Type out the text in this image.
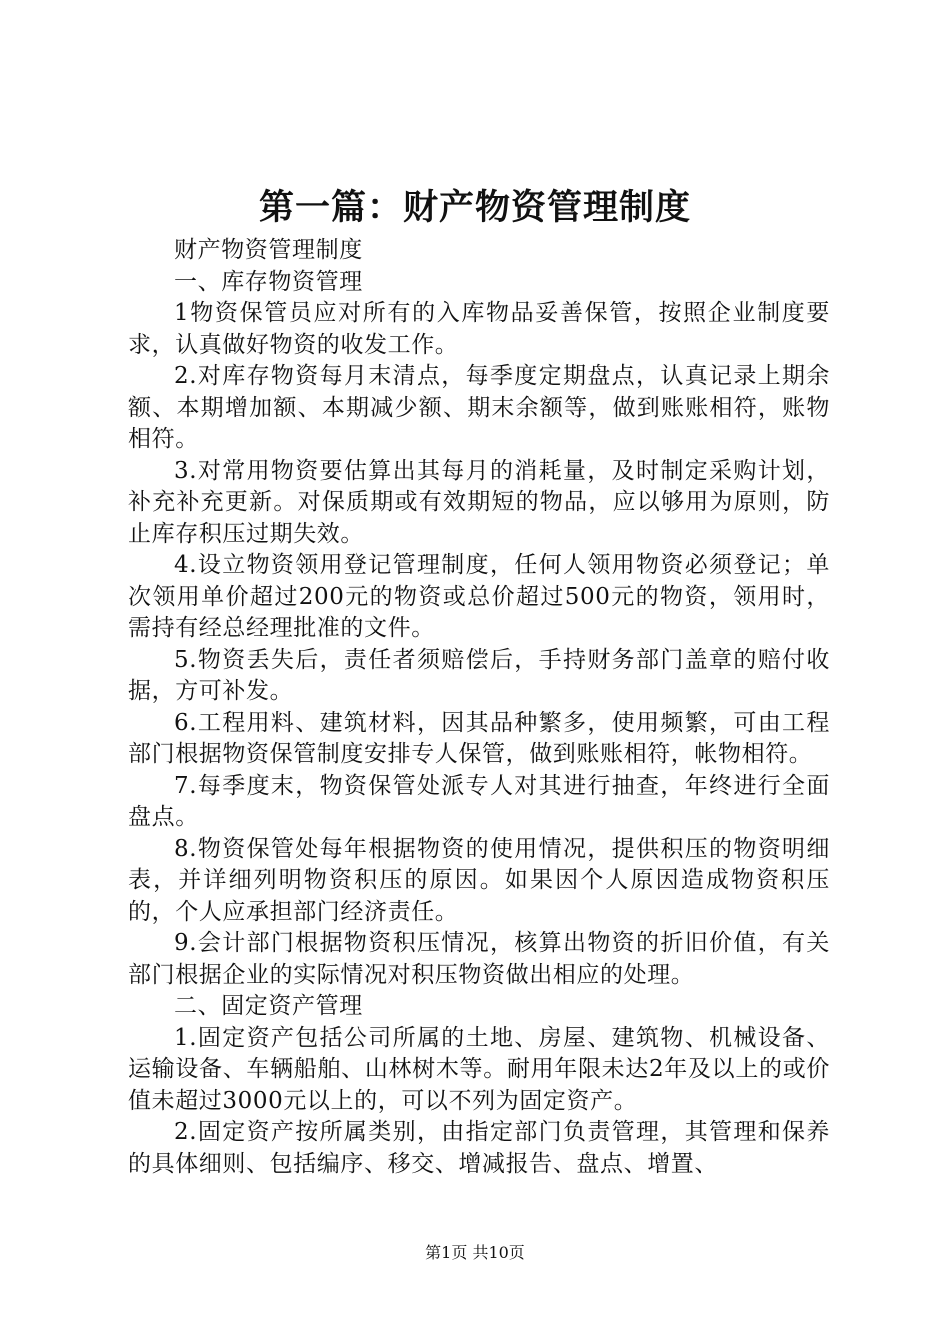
第一篇：财产物资管理制度

财产物资管理制度

一、库存物资管理

1物资保管员应对所有的入库物品妥善保管，按照企业制度要求，认真做好物资的收发工作。

2.对库存物资每月末清点，每季度定期盘点，认真记录上期余额、本期增加额、本期减少额、期末余额等，做到账账相符，账物相符。

3.对常用物资要估算出其每月的消耗量，及时制定采购计划，补充补充更新。对保质期或有效期短的物品，应以够用为原则，防止库存积压过期失效。

4.设立物资领用登记管理制度，任何人领用物资必须登记；单次领用单价超过200元的物资或总价超过500元的物资，领用时，需持有经总经理批准的文件。

5.物资丢失后，责任者须赔偿后，手持财务部门盖章的赔付收据，方可补发。

6.工程用料、建筑材料，因其品种繁多，使用频繁，可由工程部门根据物资保管制度安排专人保管，做到账账相符，帐物相符。

7.每季度末，物资保管处派专人对其进行抽查，年终进行全面盘点。

8.物资保管处每年根据物资的使用情况，提供积压的物资明细表，并详细列明物资积压的原因。如果因个人原因造成物资积压的，个人应承担部门经济责任。

9.会计部门根据物资积压情况，核算出物资的折旧价值，有关部门根据企业的实际情况对积压物资做出相应的处理。

二、固定资产管理

1.固定资产包括公司所属的土地、房屋、建筑物、机械设备、运输设备、车辆船舶、山林树木等。耐用年限未达2年及以上的或价值未超过3000元以上的，可以不列为固定资产。

2.固定资产按所属类别，由指定部门负责管理，其管理和保养的具体细则、包括编序、移交、增减报告、盘点、增置、

第1页 共10页
